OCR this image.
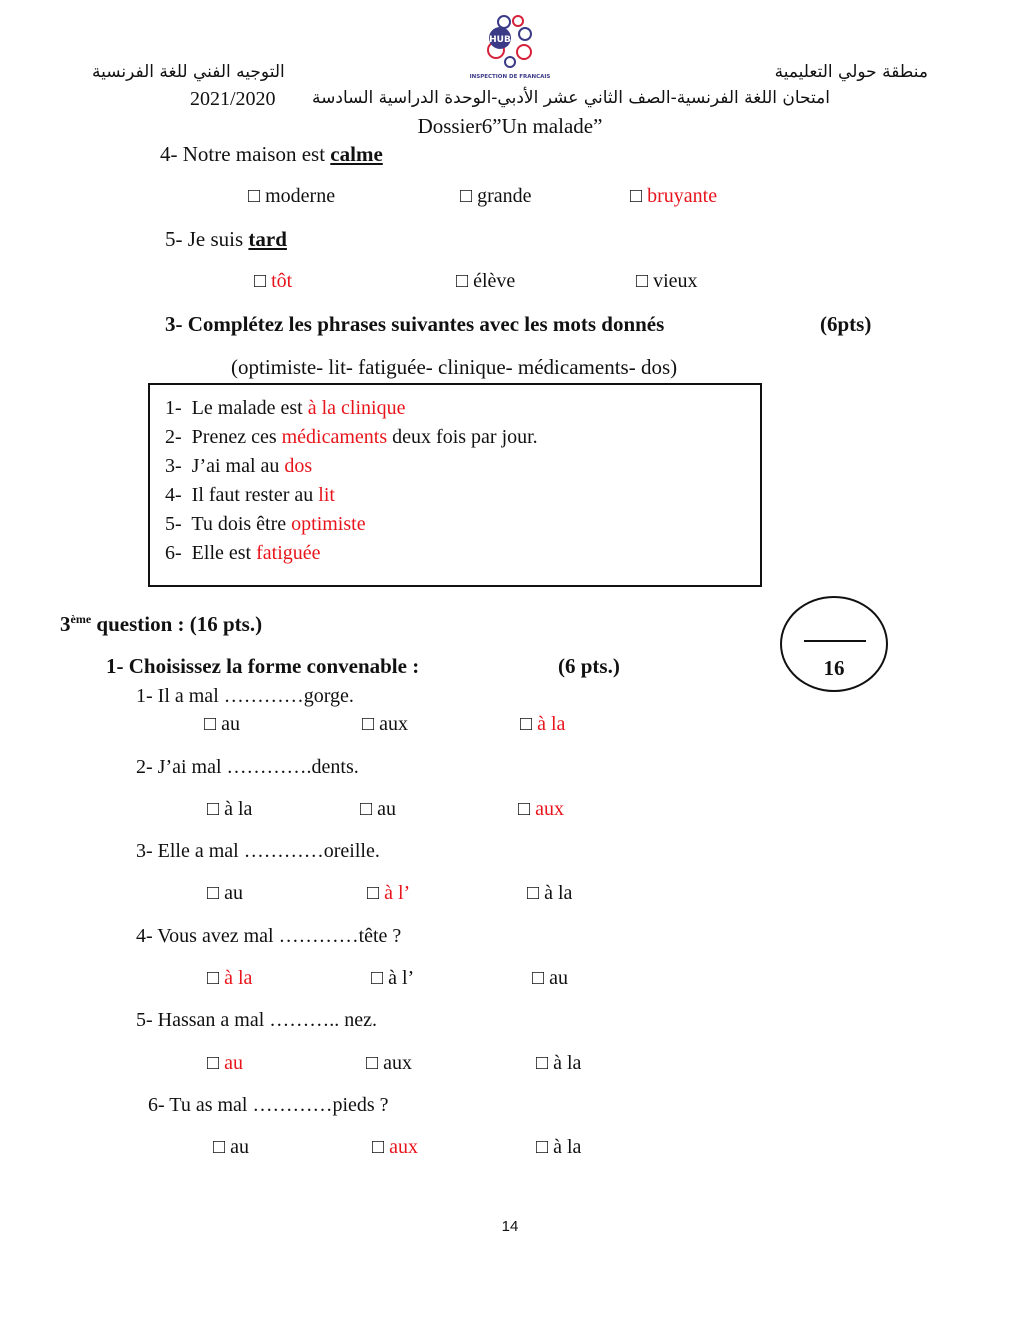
HUB
INSPECTION DE FRANCAIS
التوجيه الفني للغة الفرنسية	منطقة حولي التعليمية
2021/2020 امتحان اللغة الفرنسية-الصف الثاني عشر الأدبي-الوحدة الدراسية السادسة
Dossier6”Un malade”
4- Notre maison est calme
□ moderne	□ grande	□ bruyante
5- Je suis tard
□ tôt	□ élève	□ vieux
3- Complétez les phrases suivantes avec les mots donnés	(6pts)
(optimiste- lit- fatiguée- clinique- médicaments- dos)
1- Le malade est à la clinique
2- Prenez ces médicaments deux fois par jour.
3- J’ai mal au dos
4- Il faut rester au lit
5- Tu dois être optimiste
6- Elle est fatiguée
3ème question : (16 pts.)
16
1- Choisissez la forme convenable :	(6 pts.)
1- Il a mal …………gorge.
□ au	□ aux	□ à la
2- J’ai mal ………….dents.
□ à la	□ au	□ aux
3- Elle a mal …………oreille.
□ au	□ à l’	□ à la
4- Vous avez mal …………tête ?
□ à la	□ à l’	□ au
5- Hassan a mal ……….. nez.
□ au	□ aux	□ à la
6- Tu as mal …………pieds ?
□ au	□ aux	□ à la
14
